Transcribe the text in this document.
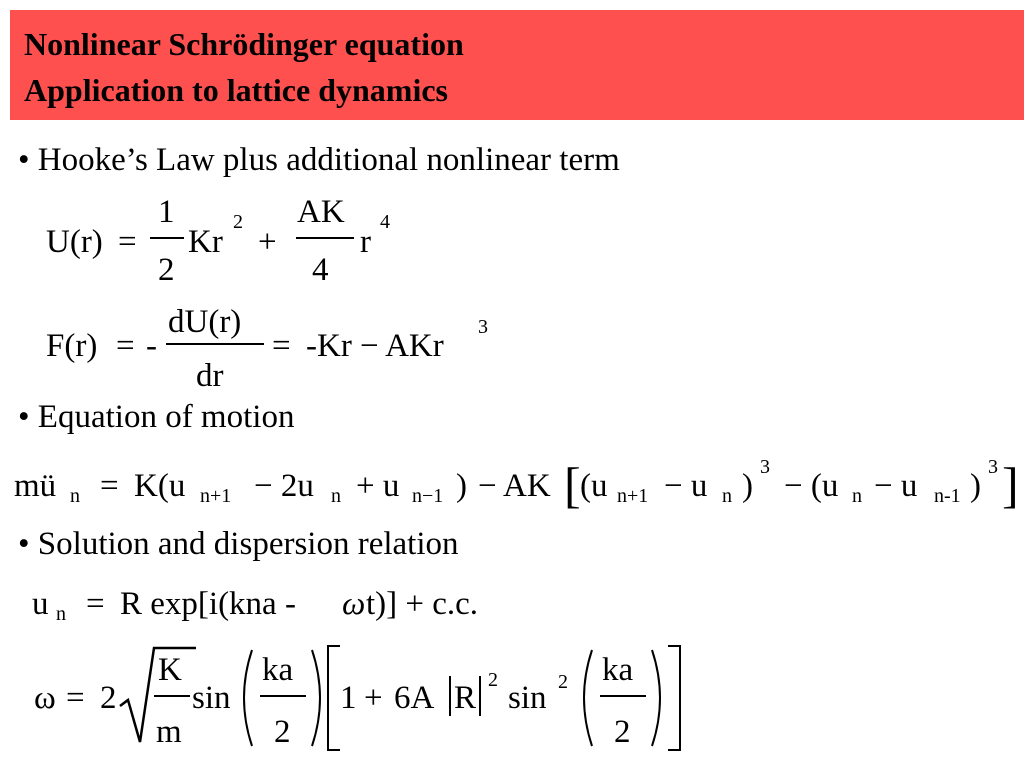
Nonlinear Schrödinger equation
Application to lattice dynamics
• Hooke’s Law plus additional nonlinear term
• Equation of motion
• Solution and dispersion relation
U(r) =
1
2
Kr
2
+
AK
4
r
4
F(r) = -
dU(r)
dr
= -Kr − AKr
3
mü n = K(u n+1 − 2u n + u n−1 ) − AK [ (u n+1 − u n )
3
− (u n − u n-1 )
3 ]
u n = R exp[i(kna - ω t)] + c.c.
ω = 2
K
m
sin
ka
2
1 + 6A R 2 sin 2 ka
2
